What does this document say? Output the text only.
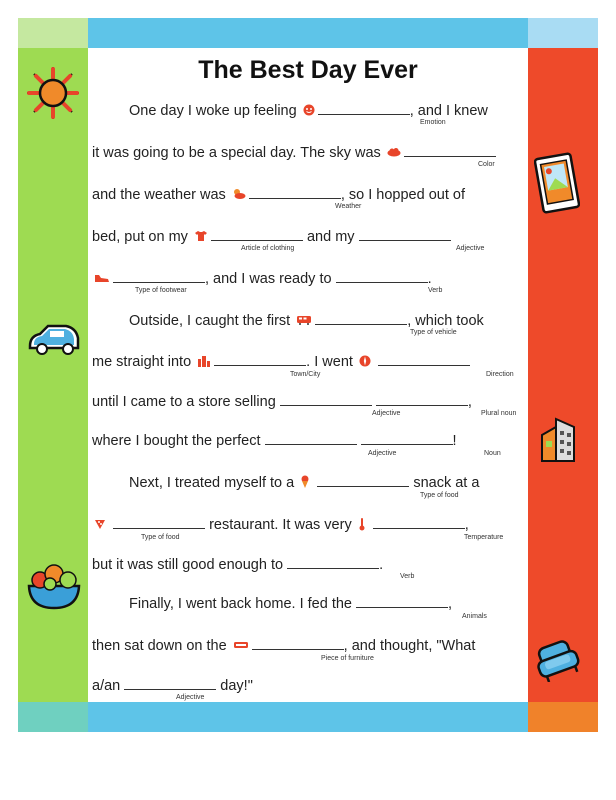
The Best Day Ever
One day I woke up feeling	, and I knew
Emotion
it was going to be a special day. The sky was
Color
and the weather was	, so I hopped out of
Weather
bed, put on my	and my
Article of clothing	Adjective
, and I was ready to	.
Type of footwear	Verb
Outside, I caught the first	, which took
Type of vehicle
me straight into	. I went
Town/City	Direction
until I came to a store selling	,
Adjective	Plural noun
where I bought the perfect	!
Adjective	Noun
Next, I treated myself to a	snack at a
Type of food
restaurant. It was very	,
Type of food	Temperature
but it was still good enough to	.
Verb
Finally, I went back home. I fed the	,
Animals
then sat down on the	, and thought, "What
Piece of furniture
a/an	day!"
Adjective
